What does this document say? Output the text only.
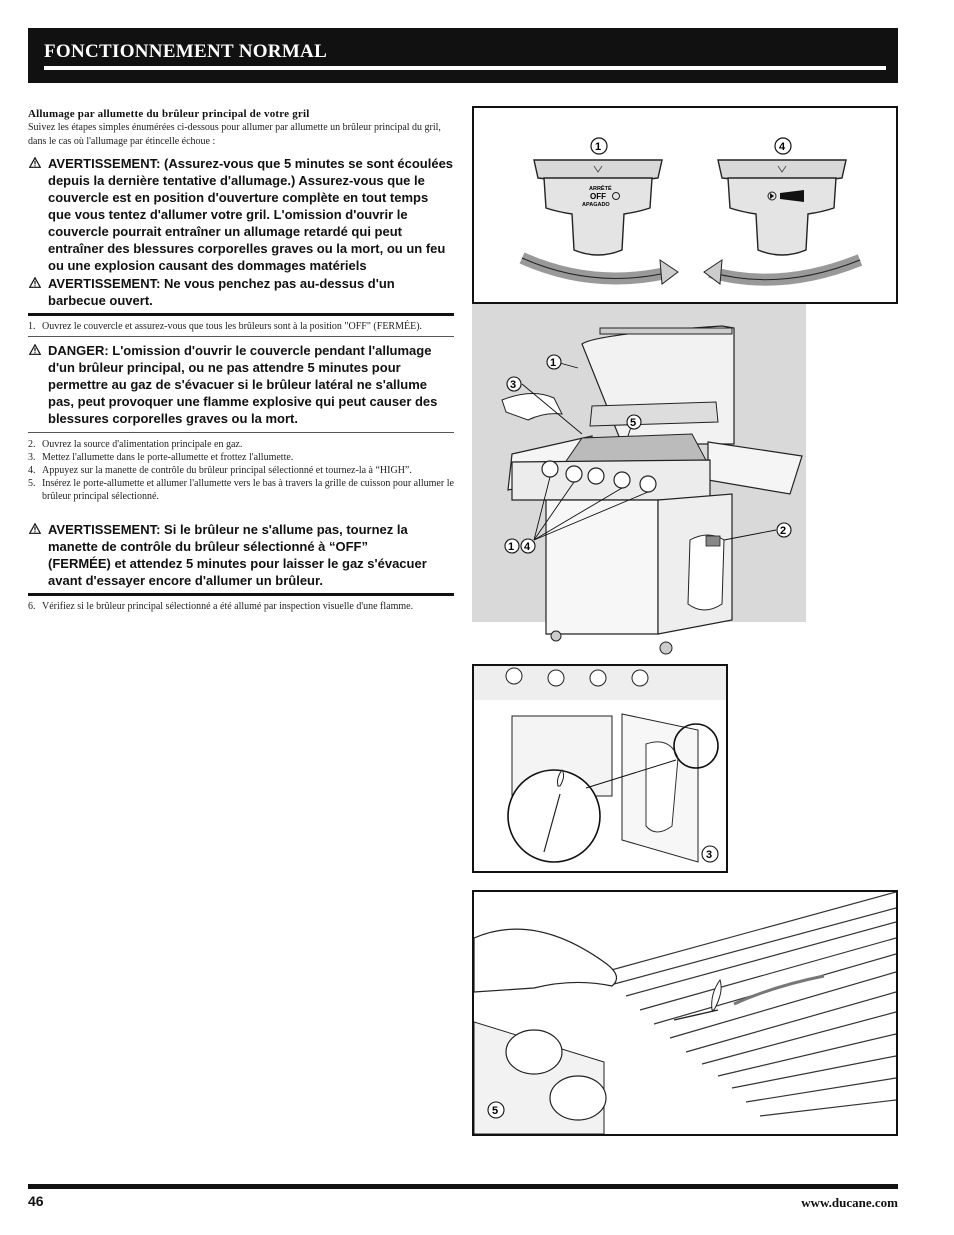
FONCTIONNEMENT NORMAL

Allumage par allumette du brûleur principal de votre gril

Suivez les étapes simples énumérées ci-dessous pour allumer par allumette un brûleur principal du gril, dans le cas où l'allumage par étincelle échoue :

AVERTISSEMENT: (Assurez-vous que 5 minutes se sont écoulées depuis la dernière tentative d'allumage.) Assurez-vous que le couvercle est en position d'ouverture complète en tout temps que vous tentez d'allumer votre gril. L'omission d'ouvrir le couvercle pourrait entraîner un allumage retardé qui peut entraîner des blessures corporelles graves ou la mort, ou un feu ou une explosion causant des dommages matériels

AVERTISSEMENT: Ne vous penchez pas au-dessus d'un barbecue ouvert.

1. Ouvrez le couvercle et assurez-vous que tous les brûleurs sont à la position "OFF" (FERMÉE).

DANGER: L'omission d'ouvrir le couvercle pendant l'allumage d'un brûleur principal, ou ne pas attendre 5 minutes pour permettre au gaz de s'évacuer si le brûleur latéral ne s'allume pas, peut provoquer une flamme explosive qui peut causer des blessures corporelles graves ou la mort.

2. Ouvrez la source d'alimentation principale en gaz.
3. Mettez l'allumette dans le porte-allumette et frottez l'allumette.
4. Appuyez sur la manette de contrôle du brûleur principal sélectionné et tournez-la à “HIGH”.
5. Insérez le porte-allumette et allumer l'allumette vers le bas à travers la grille de cuisson pour allumer le brûleur principal sélectionné.

AVERTISSEMENT: Si le brûleur ne s'allume pas, tournez la manette de contrôle du brûleur sélectionné à “OFF” (FERMÉE) et attendez 5 minutes pour laisser le gaz s'évacuer avant d'essayer encore d'allumer un brûleur.

6. Vérifiez si le brûleur principal sélectionné a été allumé par inspection visuelle d'une flamme.
ARRÊTÉ
OFF
APAGADO
1	4
1
3
5
2
1 4
3
5
46	www.ducane.com
